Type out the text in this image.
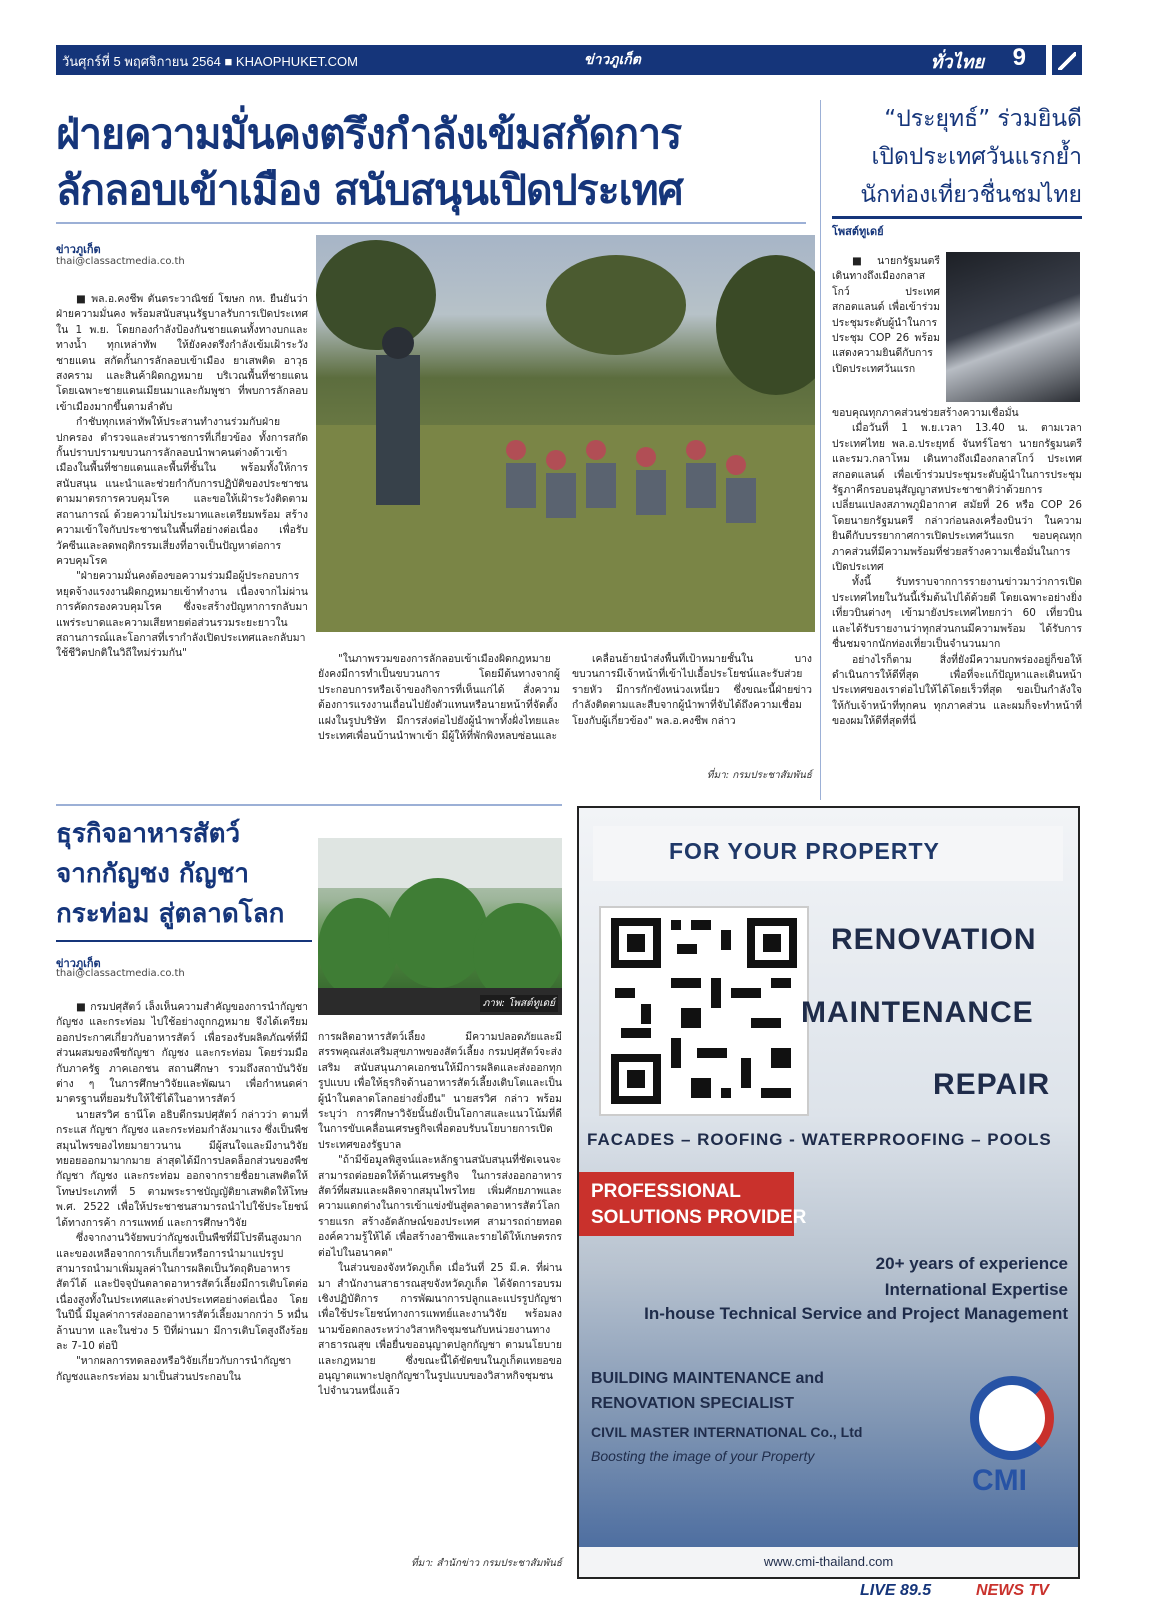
วันศุกร์ที่ 5 พฤศจิกายน 2564 ■ KHAOPHUKET.COM	ข่าวภูเก็ต	ทั่วไทย 9
ฝ่ายความมั่นคงตรึงกำลังเข้มสกัดการ
ลักลอบเข้าเมือง สนับสนุนเปิดประเทศ
ข่าวภูเก็ต
thai@classactmedia.co.th

■ พล.อ.คงชีพ ตันตระวาณิชย์ โฆษก กห. ยืนยันว่า ฝ่ายความมั่นคง พร้อมสนับสนุนรัฐบาลรับการเปิดประเทศใน 1 พ.ย. โดยกองกำลังป้องกันชายแดนทั้งทางบกและทางน้ำ ทุกเหล่าทัพ ให้ยังคงตรึงกำลังเข้มเฝ้าระวังชายแดน สกัดกั้นการลักลอบเข้าเมือง ยาเสพติด อาวุธสงคราม และสินค้าผิดกฎหมาย บริเวณพื้นที่ชายแดน โดยเฉพาะชายแดนเมียนมาและกัมพูชา ที่พบการลักลอบเข้าเมืองมากขึ้นตามลำดับ

กำชับทุกเหล่าทัพให้ประสานทำงานร่วมกับฝ่ายปกครอง ตำรวจและส่วนราชการที่เกี่ยวข้อง ทั้งการสกัดกั้นปราบปรามขบวนการลักลอบนำพาคนต่างด้าวเข้าเมืองในพื้นที่ชายแดนและพื้นที่ชั้นใน พร้อมทั้งให้การสนับสนุน แนะนำและช่วยกำกับการปฏิบัติของประชาชนตามมาตรการควบคุมโรค และขอให้เฝ้าระวังติดตามสถานการณ์ ด้วยความไม่ประมาทและเตรียมพร้อม สร้างความเข้าใจกับประชาชนในพื้นที่อย่างต่อเนื่อง เพื่อรับวัคซีนและลดพฤติกรรมเสี่ยงที่อาจเป็นปัญหาต่อการควบคุมโรค

"ฝ่ายความมั่นคงต้องขอความร่วมมือผู้ประกอบการ หยุดจ้างแรงงานผิดกฎหมายเข้าทำงาน เนื่องจากไม่ผ่านการคัดกรองควบคุมโรค ซึ่งจะสร้างปัญหาการกลับมาแพร่ระบาดและความเสียหายต่อส่วนรวมระยะยาวในสถานการณ์และโอกาสที่เรากำลังเปิดประเทศและกลับมาใช้ชีวิตปกติในวิถีใหม่ร่วมกัน"	"ในภาพรวมของการลักลอบเข้าเมืองผิดกฎหมาย ยังคงมีการทำเป็นขบวนการ โดยมีต้นทางจากผู้ประกอบการหรือเจ้าของกิจการที่เห็นแก่ได้ สั่งความต้องการแรงงานเถื่อนไปยังตัวแทนหรือนายหน้าที่จัดตั้งแฝงในรูปบริษัท มีการส่งต่อไปยังผู้นำพาทั้งฝั่งไทยและประเทศเพื่อนบ้านนำพาเข้า มีผู้ให้ที่พักพิงหลบซ่อนและ

เคลื่อนย้ายนำส่งพื้นที่เป้าหมายชั้นใน บางขบวนการมีเจ้าหน้าที่เข้าไปเอื้อประโยชน์และรับส่วยรายหัว มีการกักขังหน่วงเหนี่ยว ซึ่งขณะนี้ฝ่ายข่าวกำลังติดตามและสืบจากผู้นำพาที่จับได้ถึงความเชื่อมโยงกับผู้เกี่ยวข้อง" พล.อ.คงชีพ กล่าว

ที่มา: กรมประชาสัมพันธ์
“ประยุทธ์” ร่วมยินดี
เปิดประเทศวันแรกย้ำ
นักท่องเที่ยวชื่นชมไทย
โพสต์ทูเดย์

■ นายกรัฐมนตรีเดินทางถึงเมืองกลาสโกว์ ประเทศสกอตแลนด์ เพื่อเข้าร่วมประชุมระดับผู้นำในการประชุม COP 26 พร้อมแสดงความยินดีกับการเปิดประเทศวันแรก

ขอบคุณทุกภาคส่วนช่วยสร้างความเชื่อมั่น

เมื่อวันที่ 1 พ.ย.เวลา 13.40 น. ตามเวลาประเทศไทย พล.อ.ประยุทธ์ จันทร์โอชา นายกรัฐมนตรีและรมว.กลาโหม เดินทางถึงเมืองกลาสโกว์ ประเทศสกอตแลนด์ เพื่อเข้าร่วมประชุมระดับผู้นำในการประชุมรัฐภาคีกรอบอนุสัญญาสหประชาชาติว่าด้วยการเปลี่ยนแปลงสภาพภูมิอากาศ สมัยที่ 26 หรือ COP 26 โดยนายกรัฐมนตรี กล่าวก่อนลงเครื่องบินว่า ในความยินดีกับบรรยากาศการเปิดประเทศวันแรก ขอบคุณทุกภาคส่วนที่มีความพร้อมที่ช่วยสร้างความเชื่อมั่นในการเปิดประเทศ

ทั้งนี้ รับทราบจากการรายงานข่าวมาว่าการเปิดประเทศไทยในวันนี้เริ่มต้นไปได้ด้วยดี โดยเฉพาะอย่างยิ่งเที่ยวบินต่างๆ เข้ามายังประเทศไทยกว่า 60 เที่ยวบิน และได้รับรายงานว่าทุกส่วนกนมีความพร้อม ได้รับการชื่นชมจากนักท่องเที่ยวเป็นจำนวนมาก

อย่างไรก็ตาม สิ่งที่ยังมีความบกพร่องอยู่ก็ขอให้ดำเนินการให้ดีที่สุด เพื่อที่จะแก้ปัญหาและเดินหน้าประเทศของเราต่อไปให้ได้โดยเร็วที่สุด ขอเป็นกำลังใจให้กับเจ้าหน้าที่ทุกคน ทุกภาคส่วน และผมก็จะทำหน้าที่ของผมให้ดีที่สุดที่นี่

ธุรกิจอาหารสัตว์
จากกัญชง กัญชา
กระท่อม สู่ตลาดโลก
ข่าวภูเก็ต
thai@classactmedia.co.th
ภาพ: โพสต์ทูเดย์

■ กรมปศุสัตว์ เล็งเห็นความสำคัญของการนำกัญชา กัญชง และกระท่อม ไปใช้อย่างถูกกฎหมาย จึงได้เตรียมออกประกาศเกี่ยวกับอาหารสัตว์ เพื่อรองรับผลิตภัณฑ์ที่มีส่วนผสมของพืชกัญชา กัญชง และกระท่อม โดยร่วมมือกับภาครัฐ ภาคเอกชน สถานศึกษา รวมถึงสถาบันวิจัยต่าง ๆ ในการศึกษาวิจัยและพัฒนา เพื่อกำหนดค่ามาตรฐานที่ยอมรับให้ใช้ได้ในอาหารสัตว์

นายสรวิศ ธานีโต อธิบดีกรมปศุสัตว์ กล่าวว่า ตามที่กระแส กัญชา กัญชง และกระท่อมกำลังมาแรง ซึ่งเป็นพืชสมุนไพรของไทยมายาวนาน มีผู้สนใจและมีงานวิจัยทยอยออกมามากมาย ล่าสุดได้มีการปลดล็อกส่วนของพืชกัญชา กัญชง และกระท่อม ออกจากรายชื่อยาเสพติดให้โทษประเภทที่ 5 ตามพระราชบัญญัติยาเสพติดให้โทษ พ.ศ. 2522 เพื่อให้ประชาชนสามารถนำไปใช้ประโยชน์ได้ทางการค้า การแพทย์ และการศึกษาวิจัย

ซึ่งจากงานวิจัยพบว่ากัญชงเป็นพืชที่มีโปรตีนสูงมาก และของเหลือจากการเก็บเกี่ยวหรือการนำมาแปรรูป สามารถนำมาเพิ่มมูลค่าในการผลิตเป็นวัตถุดิบอาหารสัตว์ได้ และปัจจุบันตลาดอาหารสัตว์เลี้ยงมีการเติบโตต่อเนื่องสูงทั้งในประเทศและต่างประเทศอย่างต่อเนื่อง โดยในปีนี้ มีมูลค่าการส่งออกอาหารสัตว์เลี้ยงมากกว่า 5 หมื่นล้านบาท และในช่วง 5 ปีที่ผ่านมา มีการเติบโตสูงถึงร้อยละ 7-10 ต่อปี

"หากผลการทดลองหรือวิจัยเกี่ยวกับการนำกัญชา กัญชงและกระท่อม มาเป็นส่วนประกอบใน

การผลิตอาหารสัตว์เลี้ยง มีความปลอดภัยและมีสรรพคุณส่งเสริมสุขภาพของสัตว์เลี้ยง กรมปศุสัตว์จะส่งเสริม สนับสนุนภาคเอกชนให้มีการผลิตและส่งออกทุกรูปแบบ เพื่อให้ธุรกิจด้านอาหารสัตว์เลี้ยงเติบโตและเป็นผู้นำในตลาดโลกอย่างยั่งยืน" นายสรวิศ กล่าว พร้อมระบุว่า การศึกษาวิจัยนั้นยังเป็นโอกาสและแนวโน้มที่ดีในการขับเคลื่อนเศรษฐกิจเพื่อตอบรับนโยบายการเปิดประเทศของรัฐบาล

"ถ้ามีข้อมูลพิสูจน์และหลักฐานสนับสนุนที่ชัดเจนจะสามารถต่อยอดให้ด้านเศรษฐกิจ ในการส่งออกอาหารสัตว์ที่ผสมและผลิตจากสมุนไพรไทย เพิ่มศักยภาพและความแตกต่างในการเข้าแข่งขันสู่ตลาดอาหารสัตว์โลกรายแรก สร้างอัตลักษณ์ของประเทศ สามารถถ่ายทอดองค์ความรู้ให้ได้ เพื่อสร้างอาชีพและรายได้ให้เกษตรกรต่อไปในอนาคต"

ในส่วนของจังหวัดภูเก็ต เมื่อวันที่ 25 มี.ค. ที่ผ่านมา สำนักงานสาธารณสุขจังหวัดภูเก็ต ได้จัดการอบรมเชิงปฏิบัติการ การพัฒนาการปลูกและแปรรูปกัญชา เพื่อใช้ประโยชน์ทางการแพทย์และงานวิจัย พร้อมลงนามข้อตกลงระหว่างวิสาหกิจชุมชนกับหน่วยงานทางสาธารณสุข เพื่อยื่นขออนุญาตปลูกกัญชา ตามนโยบายและกฎหมาย ซึ่งขณะนี้ได้ขัดขนในภูเก็ตแทยอขออนุญาตแพาะปลูกกัญชาในรูปแบบของวิสาหกิจชุมชนไปจำนวนหนึ่งแล้ว

ที่มา: สำนักข่าว กรมประชาสัมพันธ์
FOR YOUR PROPERTY
RENOVATION
MAINTENANCE
REPAIR
FACADES – ROOFING - WATERPROOFING – POOLS
PROFESSIONAL
SOLUTIONS PROVIDER
20+ years of experience
International Expertise
In-house Technical Service and Project Management
BUILDING MAINTENANCE and
RENOVATION SPECIALIST
CIVIL MASTER INTERNATIONAL Co., Ltd
Boosting the image of your Property
CMI
www.cmi-thailand.com
LIVE 89.5	NEWS TV
